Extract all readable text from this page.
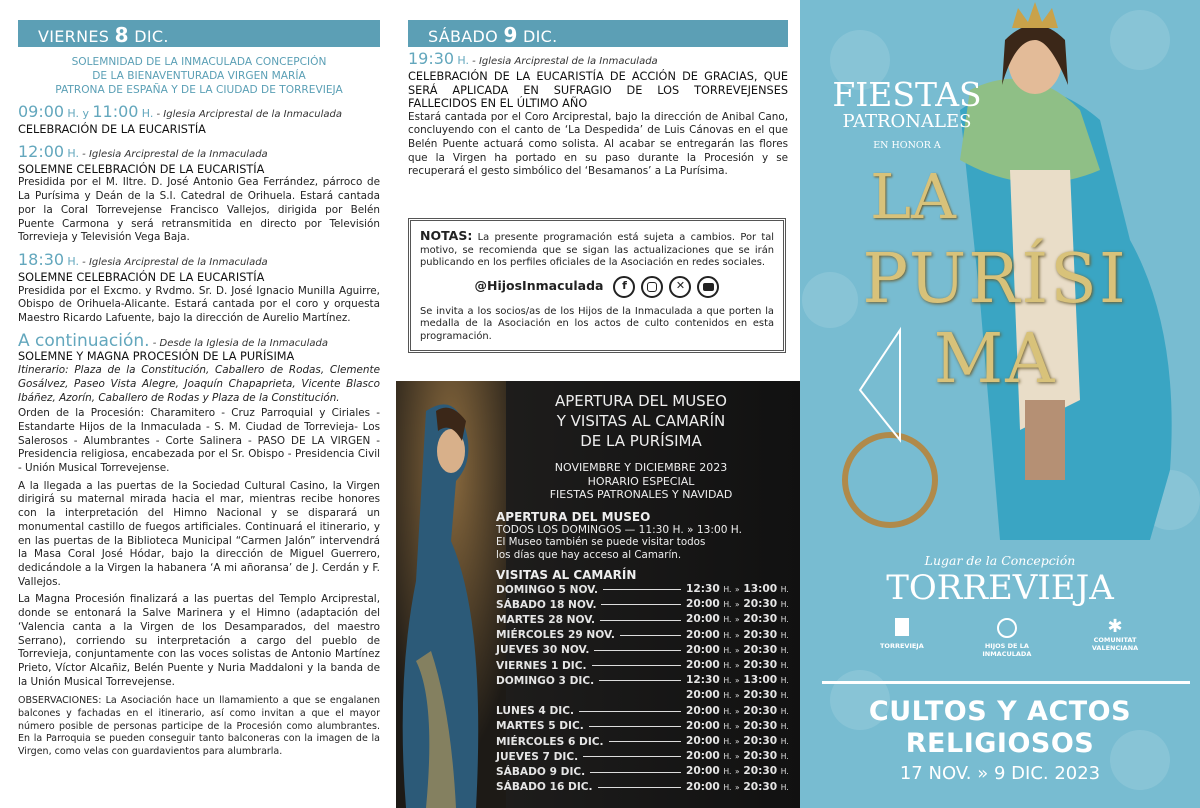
VIERNES 8 DIC.
SOLEMNIDAD DE LA INMACULADA CONCEPCIÓN
DE LA BIENAVENTURADA VIRGEN MARÍA
PATRONA DE ESPAÑA Y DE LA CIUDAD DE TORREVIEJA
09:00 H. y 11:00 H. - Iglesia Arciprestal de la Inmaculada
CELEBRACIÓN DE LA EUCARISTÍA
12:00 H. - Iglesia Arciprestal de la Inmaculada
SOLEMNE CELEBRACIÓN DE LA EUCARISTÍA
Presidida por el M. Iltre. D. José Antonio Gea Ferrández, párroco de La Purísima y Deán de la S.I. Catedral de Orihuela. Estará cantada por la Coral Torrevejense Francisco Vallejos, dirigida por Belén Puente Carmona y será retransmitida en directo por Televisión Torrevieja y Televisión Vega Baja.
18:30 H. - Iglesia Arciprestal de la Inmaculada
SOLEMNE CELEBRACIÓN DE LA EUCARISTÍA
Presidida por el Excmo. y Rvdmo. Sr. D. José Ignacio Munilla Aguirre, Obispo de Orihuela-Alicante. Estará cantada por el coro y orquesta Maestro Ricardo Lafuente, bajo la dirección de Aurelio Martínez.
A continuación. - Desde la Iglesia de la Inmaculada
SOLEMNE Y MAGNA PROCESIÓN DE LA PURÍSIMA
Itinerario: Plaza de la Constitución, Caballero de Rodas, Clemente Gosálvez, Paseo Vista Alegre, Joaquín Chapaprieta, Vicente Blasco Ibáñez, Azorín, Caballero de Rodas y Plaza de la Constitución.
Orden de la Procesión: Charamitero - Cruz Parroquial y Ciriales - Estandarte Hijos de la Inmaculada - S. M. Ciudad de Torrevieja- Los Salerosos - Alumbrantes - Corte Salinera - PASO DE LA VIRGEN - Presidencia religiosa, encabezada por el Sr. Obispo - Presidencia Civil - Unión Musical Torrevejense.
A la llegada a las puertas de la Sociedad Cultural Casino, la Virgen dirigirá su maternal mirada hacia el mar, mientras recibe honores con la interpretación del Himno Nacional y se disparará un monumental castillo de fuegos artificiales. Continuará el itinerario, y en las puertas de la Biblioteca Municipal “Carmen Jalón” intervendrá la Masa Coral José Hódar, bajo la dirección de Miguel Guerrero, dedicándole a la Virgen la habanera ‘A mi añoransa’ de J. Cerdán y F. Vallejos.
La Magna Procesión finalizará a las puertas del Templo Arciprestal, donde se entonará la Salve Marinera y el Himno (adaptación del ‘Valencia canta a la Virgen de los Desamparados, del maestro Serrano), corriendo su interpretación a cargo del pueblo de Torrevieja, conjuntamente con las voces solistas de Antonio Martínez Prieto, Víctor Alcañiz, Belén Puente y Nuria Maddaloni y la banda de la Unión Musical Torrevejense.
OBSERVACIONES: La Asociación hace un llamamiento a que se engalanen balcones y fachadas en el itinerario, así como invitan a que el mayor número posible de personas participe de la Procesión como alumbrantes. En la Parroquia se pueden conseguir tanto balconeras con la imagen de la Virgen, como velas con guardavientos para alumbrarla.
SÁBADO 9 DIC.
19:30 H. - Iglesia Arciprestal de la Inmaculada
CELEBRACIÓN DE LA EUCARISTÍA DE ACCIÓN DE GRACIAS, QUE SERÁ APLICADA EN SUFRAGIO DE LOS TORREVEJENSES FALLECIDOS EN EL ÚLTIMO AÑO
Estará cantada por el Coro Arciprestal, bajo la dirección de Anibal Cano, concluyendo con el canto de ‘La Despedida’ de Luis Cánovas en el que Belén Puente actuará como solista. Al acabar se entregarán las flores que la Virgen ha portado en su paso durante la Procesión y se recuperará el gesto simbólico del ‘Besamanos’ a La Purísima.
NOTAS: La presente programación está sujeta a cambios. Por tal motivo, se recomienda que se sigan las actualizaciones que se irán publicando en los perfiles oficiales de la Asociación en redes sociales.
@HijosInmaculada	f	✕
Se invita a los socios/as de los Hijos de la Inmaculada a que porten la medalla de la Asociación en los actos de culto contenidos en esta programación.
APERTURA DEL MUSEO
Y VISITAS AL CAMARÍN
DE LA PURÍSIMA
NOVIEMBRE Y DICIEMBRE 2023
HORARIO ESPECIAL
FIESTAS PATRONALES Y NAVIDAD
APERTURA DEL MUSEO
TODOS LOS DOMINGOS — 11:30 H. » 13:00 H.
El Museo también se puede visitar todos
los días que hay acceso al Camarín.
VISITAS AL CAMARÍN
DOMINGO 5 NOV.	12:30 H. » 13:00 H.
SÁBADO 18 NOV.	20:00 H. » 20:30 H.
MARTES 28 NOV.	20:00 H. » 20:30 H.
MIÉRCOLES 29 NOV.	20:00 H. » 20:30 H.
JUEVES 30 NOV.	20:00 H. » 20:30 H.
VIERNES 1 DIC.	20:00 H. » 20:30 H.
DOMINGO 3 DIC.	12:30 H. » 13:00 H.
20:00 H. » 20:30 H.
LUNES 4 DIC.	20:00 H. » 20:30 H.
MARTES 5 DIC.	20:00 H. » 20:30 H.
MIÉRCOLES 6 DIC.	20:00 H. » 20:30 H.
JUEVES 7 DIC.	20:00 H. » 20:30 H.
SÁBADO 9 DIC.	20:00 H. » 20:30 H.
SÁBADO 16 DIC.	20:00 H. » 20:30 H.
FIESTAS
PATRONALES
EN HONOR A
LA
PURÍSIMA
Lugar de la Concepción
TORREVIEJA
TORREVIEJA	HIJOS DE LA INMACULADA
✱
COMUNITAT VALENCIANA
CULTOS Y ACTOS
RELIGIOSOS
17 NOV. » 9 DIC. 2023
